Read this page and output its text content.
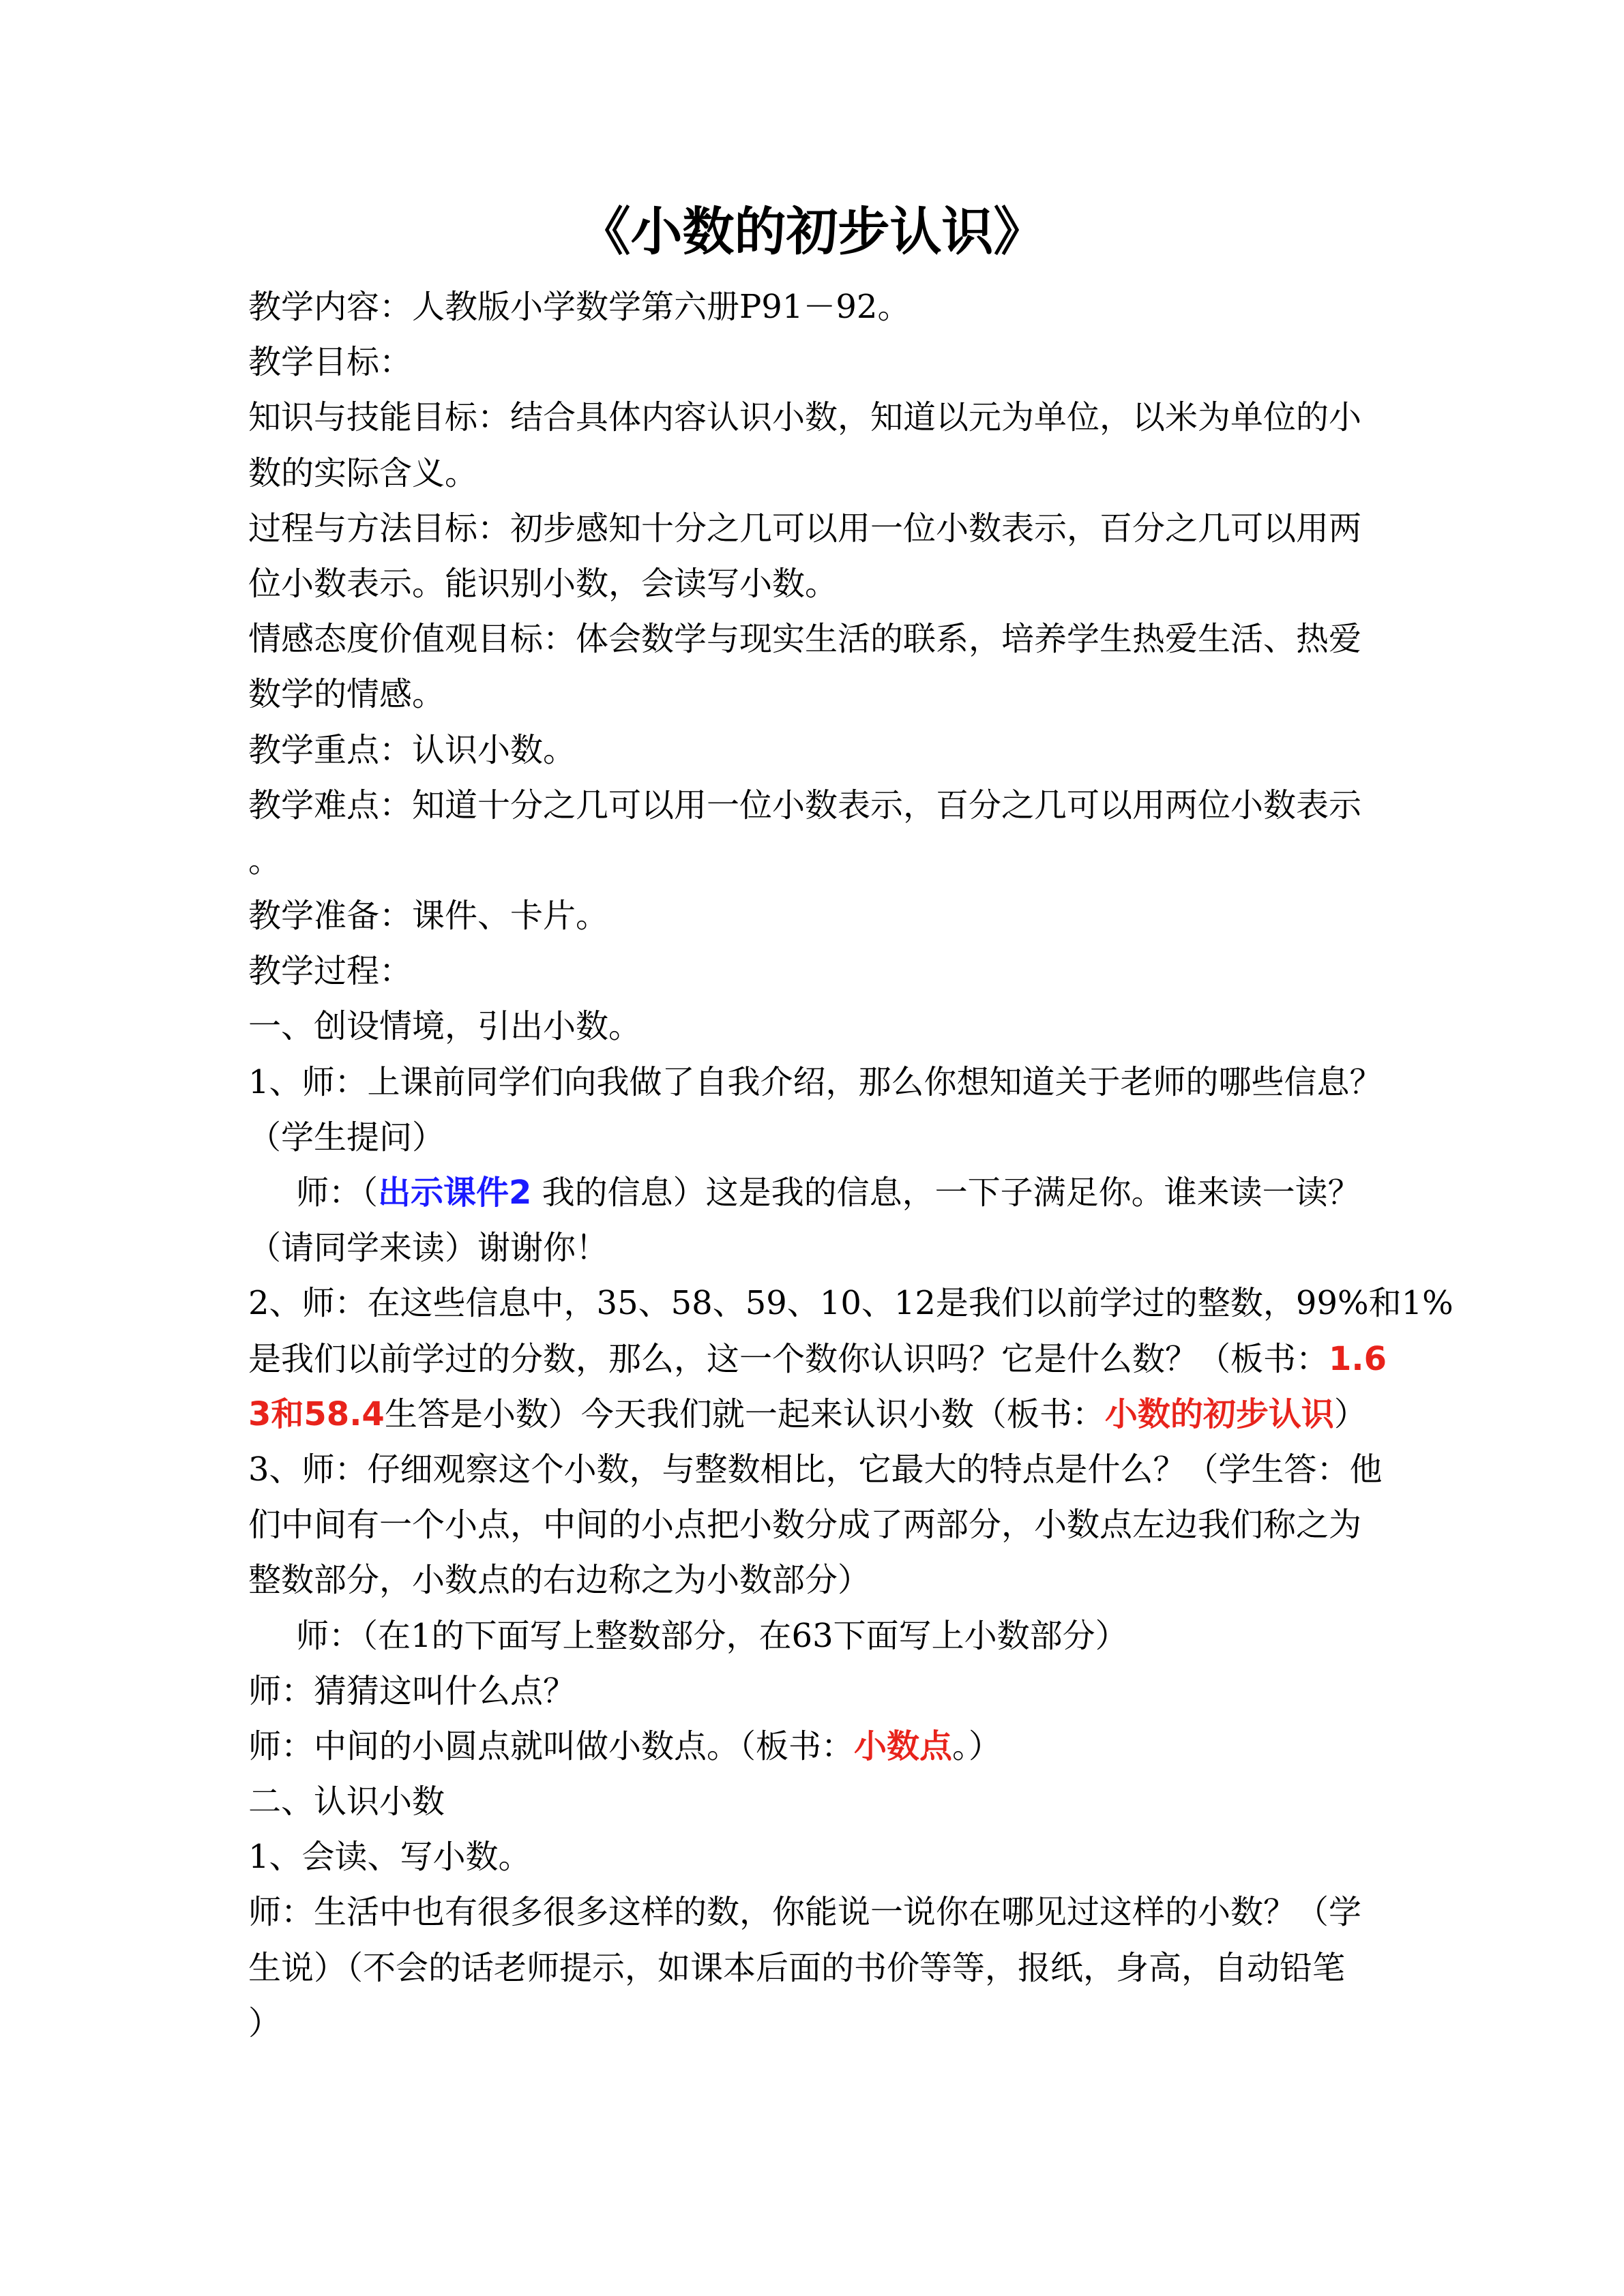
《小数的初步认识》
教学内容：人教版小学数学第六册P91－92。
教学目标：
知识与技能目标：结合具体内容认识小数，知道以元为单位，以米为单位的小
数的实际含义。
过程与方法目标：初步感知十分之几可以用一位小数表示，百分之几可以用两
位小数表示。能识别小数，会读写小数。
情感态度价值观目标：体会数学与现实生活的联系，培养学生热爱生活、热爱
数学的情感。
教学重点：认识小数。
教学难点：知道十分之几可以用一位小数表示，百分之几可以用两位小数表示
。
教学准备：课件、卡片。
教学过程：
一、创设情境，引出小数。
1、师：上课前同学们向我做了自我介绍，那么你想知道关于老师的哪些信息？
（学生提问）
师：（出示课件2 我的信息）这是我的信息，一下子满足你。谁来读一读？
（请同学来读）谢谢你！
2、师：在这些信息中，35、58、59、10、12是我们以前学过的整数，99%和1%
是我们以前学过的分数，那么，这一个数你认识吗？它是什么数？（板书：1.6
3和58.4生答是小数）今天我们就一起来认识小数（板书：小数的初步认识）
3、师：仔细观察这个小数，与整数相比，它最大的特点是什么？（学生答：他
们中间有一个小点，中间的小点把小数分成了两部分，小数点左边我们称之为
整数部分，小数点的右边称之为小数部分）
师：（在1的下面写上整数部分，在63下面写上小数部分）
师：猜猜这叫什么点？
师：中间的小圆点就叫做小数点。（板书：小数点。）
二、认识小数
1、会读、写小数。
师：生活中也有很多很多这样的数，你能说一说你在哪见过这样的小数？（学
生说）（不会的话老师提示，如课本后面的书价等等，报纸，身高，自动铅笔
）
